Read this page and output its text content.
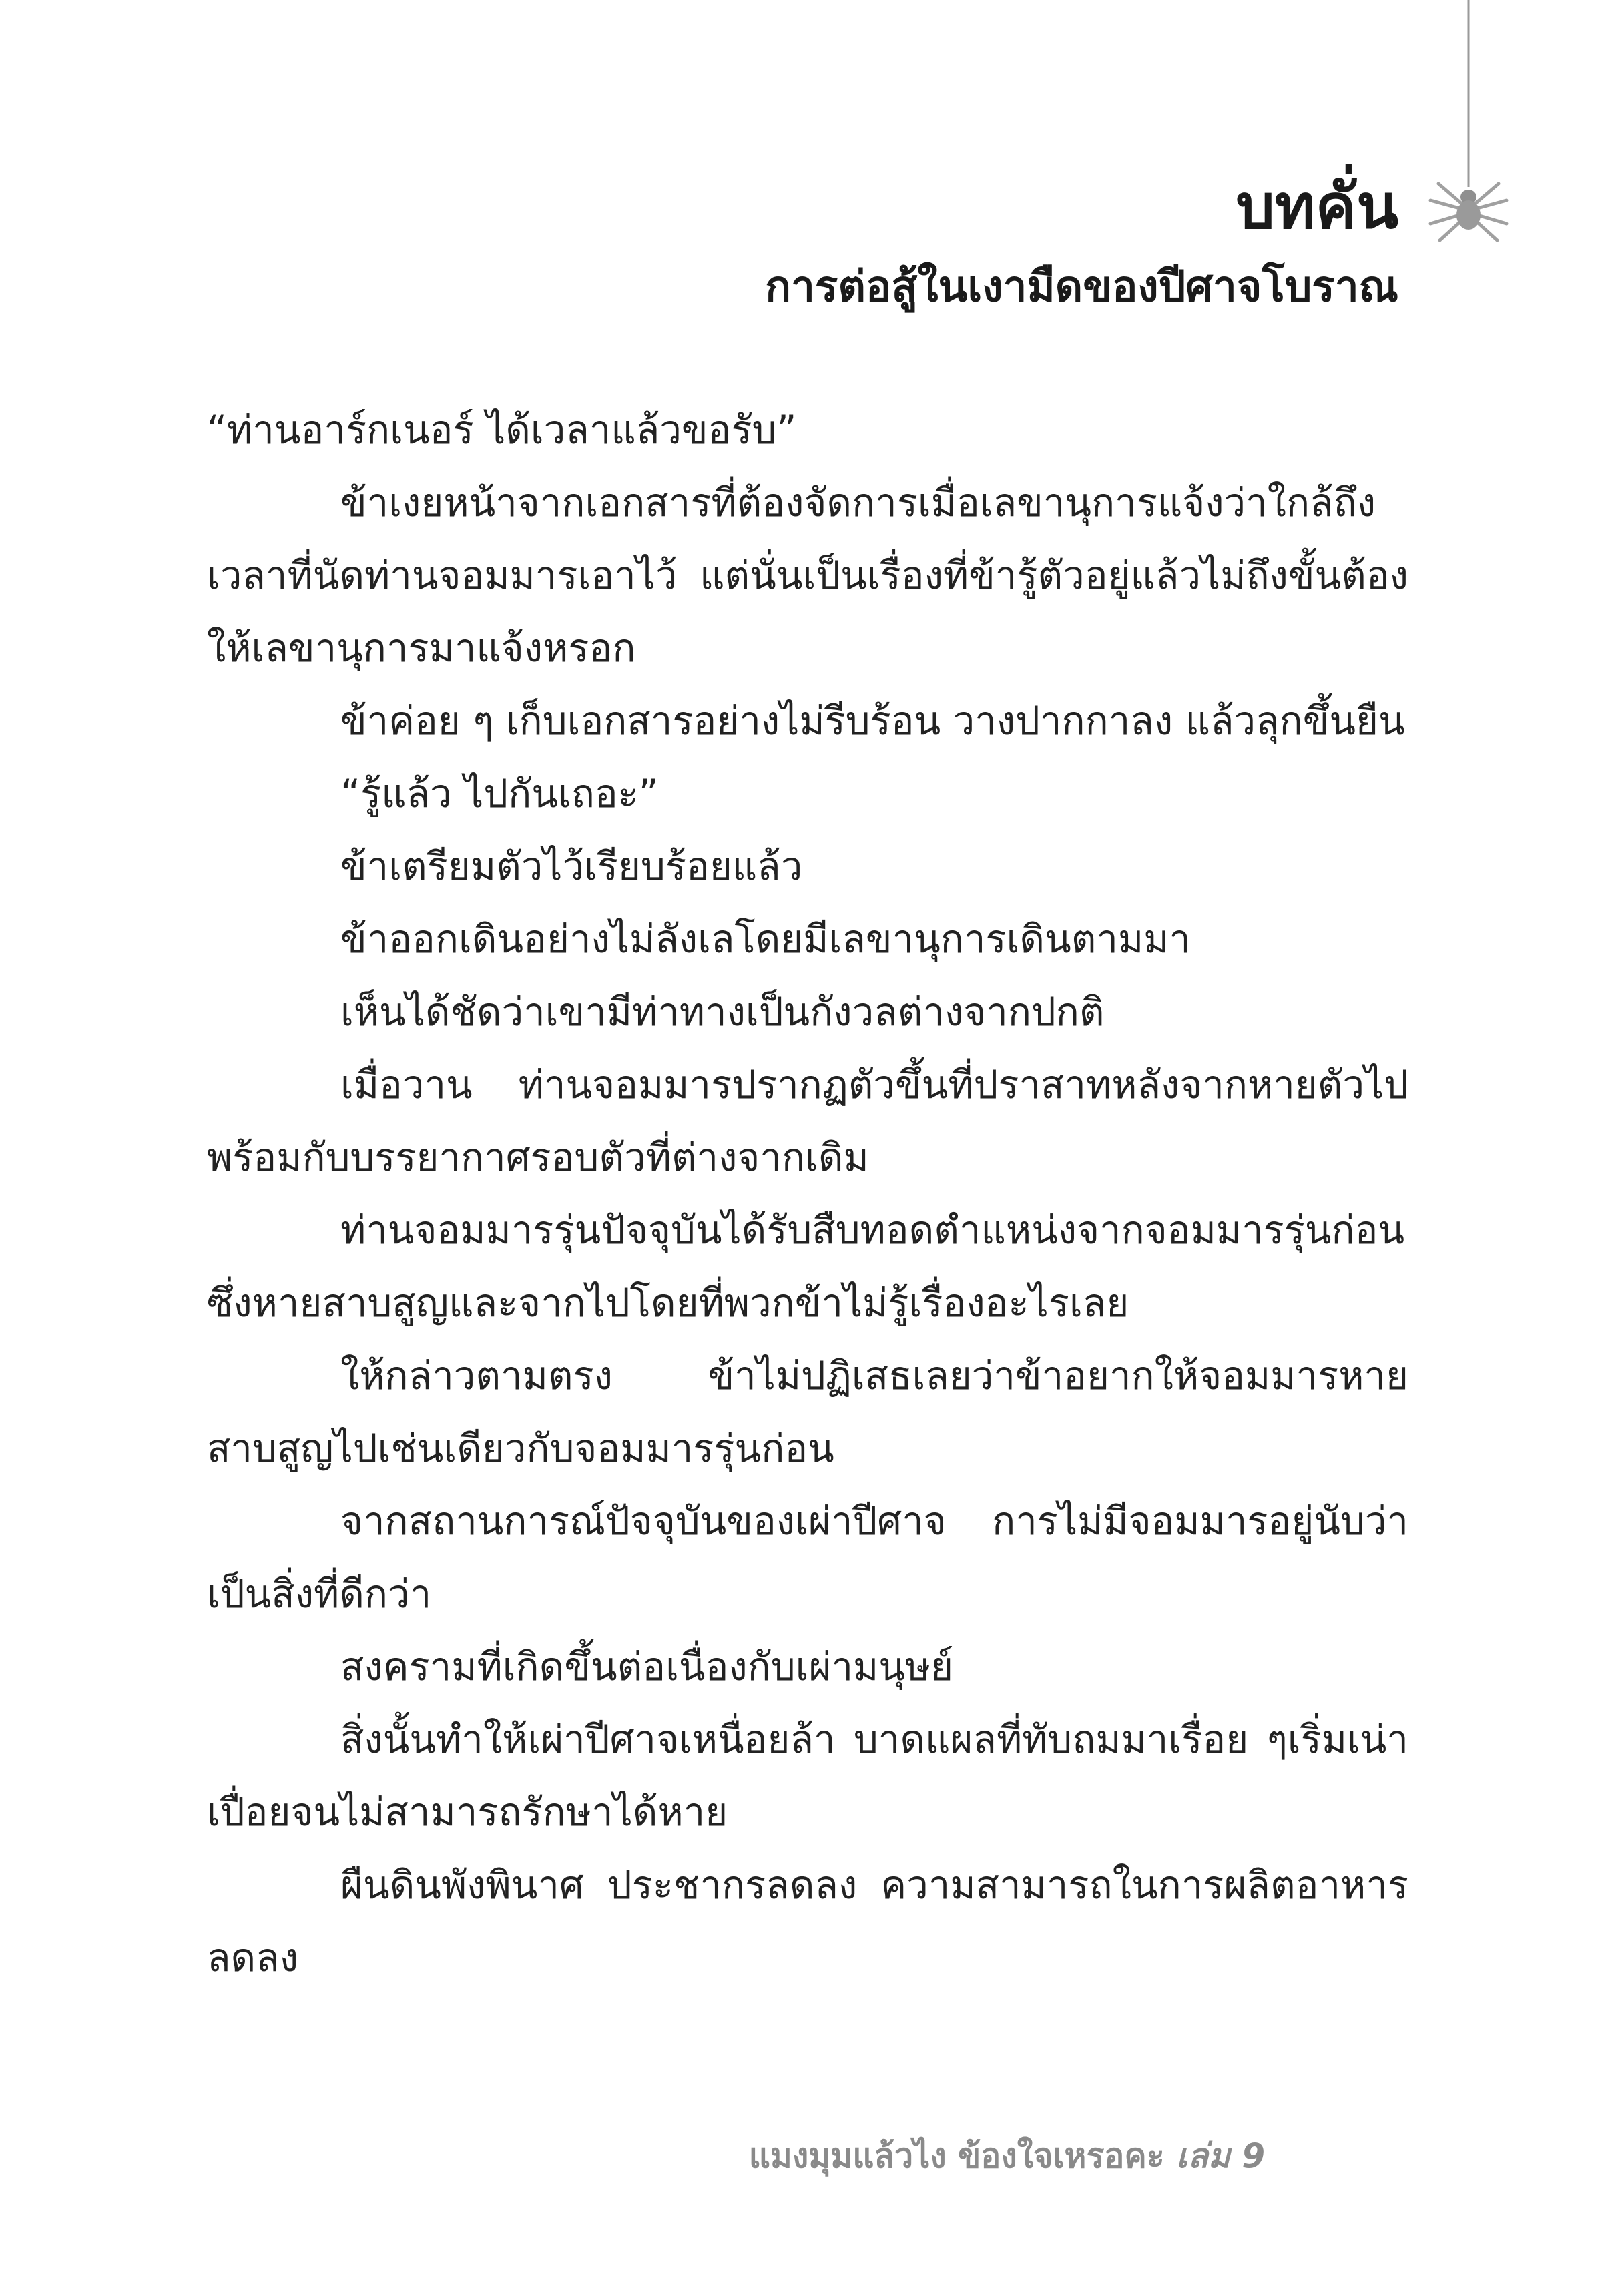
บทคั่น
การต่อสู้ในเงามืดของปีศาจโบราณ

“ท่านอาร์กเนอร์ ได้เวลาแล้วขอรับ”

ข้าเงยหน้าจากเอกสารที่ต้องจัดการเมื่อเลขานุการแจ้งว่าใกล้ถึงเวลาที่นัดท่านจอมมารเอาไว้ แต่นั่นเป็นเรื่องที่ข้ารู้ตัวอยู่แล้วไม่ถึงขั้นต้องให้เลขานุการมาแจ้งหรอก

ข้าค่อย ๆ เก็บเอกสารอย่างไม่รีบร้อน วางปากกาลง แล้วลุกขึ้นยืน

“รู้แล้ว ไปกันเถอะ”

ข้าเตรียมตัวไว้เรียบร้อยแล้ว

ข้าออกเดินอย่างไม่ลังเลโดยมีเลขานุการเดินตามมา

เห็นได้ชัดว่าเขามีท่าทางเป็นกังวลต่างจากปกติ

เมื่อวาน ท่านจอมมารปรากฏตัวขึ้นที่ปราสาทหลังจากหายตัวไป พร้อมกับบรรยากาศรอบตัวที่ต่างจากเดิม

ท่านจอมมารรุ่นปัจจุบันได้รับสืบทอดตำแหน่งจากจอมมารรุ่นก่อนซึ่งหายสาบสูญและจากไปโดยที่พวกข้าไม่รู้เรื่องอะไรเลย

ให้กล่าวตามตรง ข้าไม่ปฏิเสธเลยว่าข้าอยากให้จอมมารหายสาบสูญไปเช่นเดียวกับจอมมารรุ่นก่อน

จากสถานการณ์ปัจจุบันของเผ่าปีศาจ การไม่มีจอมมารอยู่นับว่าเป็นสิ่งที่ดีกว่า

สงครามที่เกิดขึ้นต่อเนื่องกับเผ่ามนุษย์

สิ่งนั้นทำให้เผ่าปีศาจเหนื่อยล้า บาดแผลที่ทับถมมาเรื่อย ๆเริ่มเน่าเปื่อยจนไม่สามารถรักษาได้หาย

ผืนดินพังพินาศ ประชากรลดลง ความสามารถในการผลิตอาหารลดลง

แมงมุมแล้วไง ข้องใจเหรอคะ เล่ม 9
